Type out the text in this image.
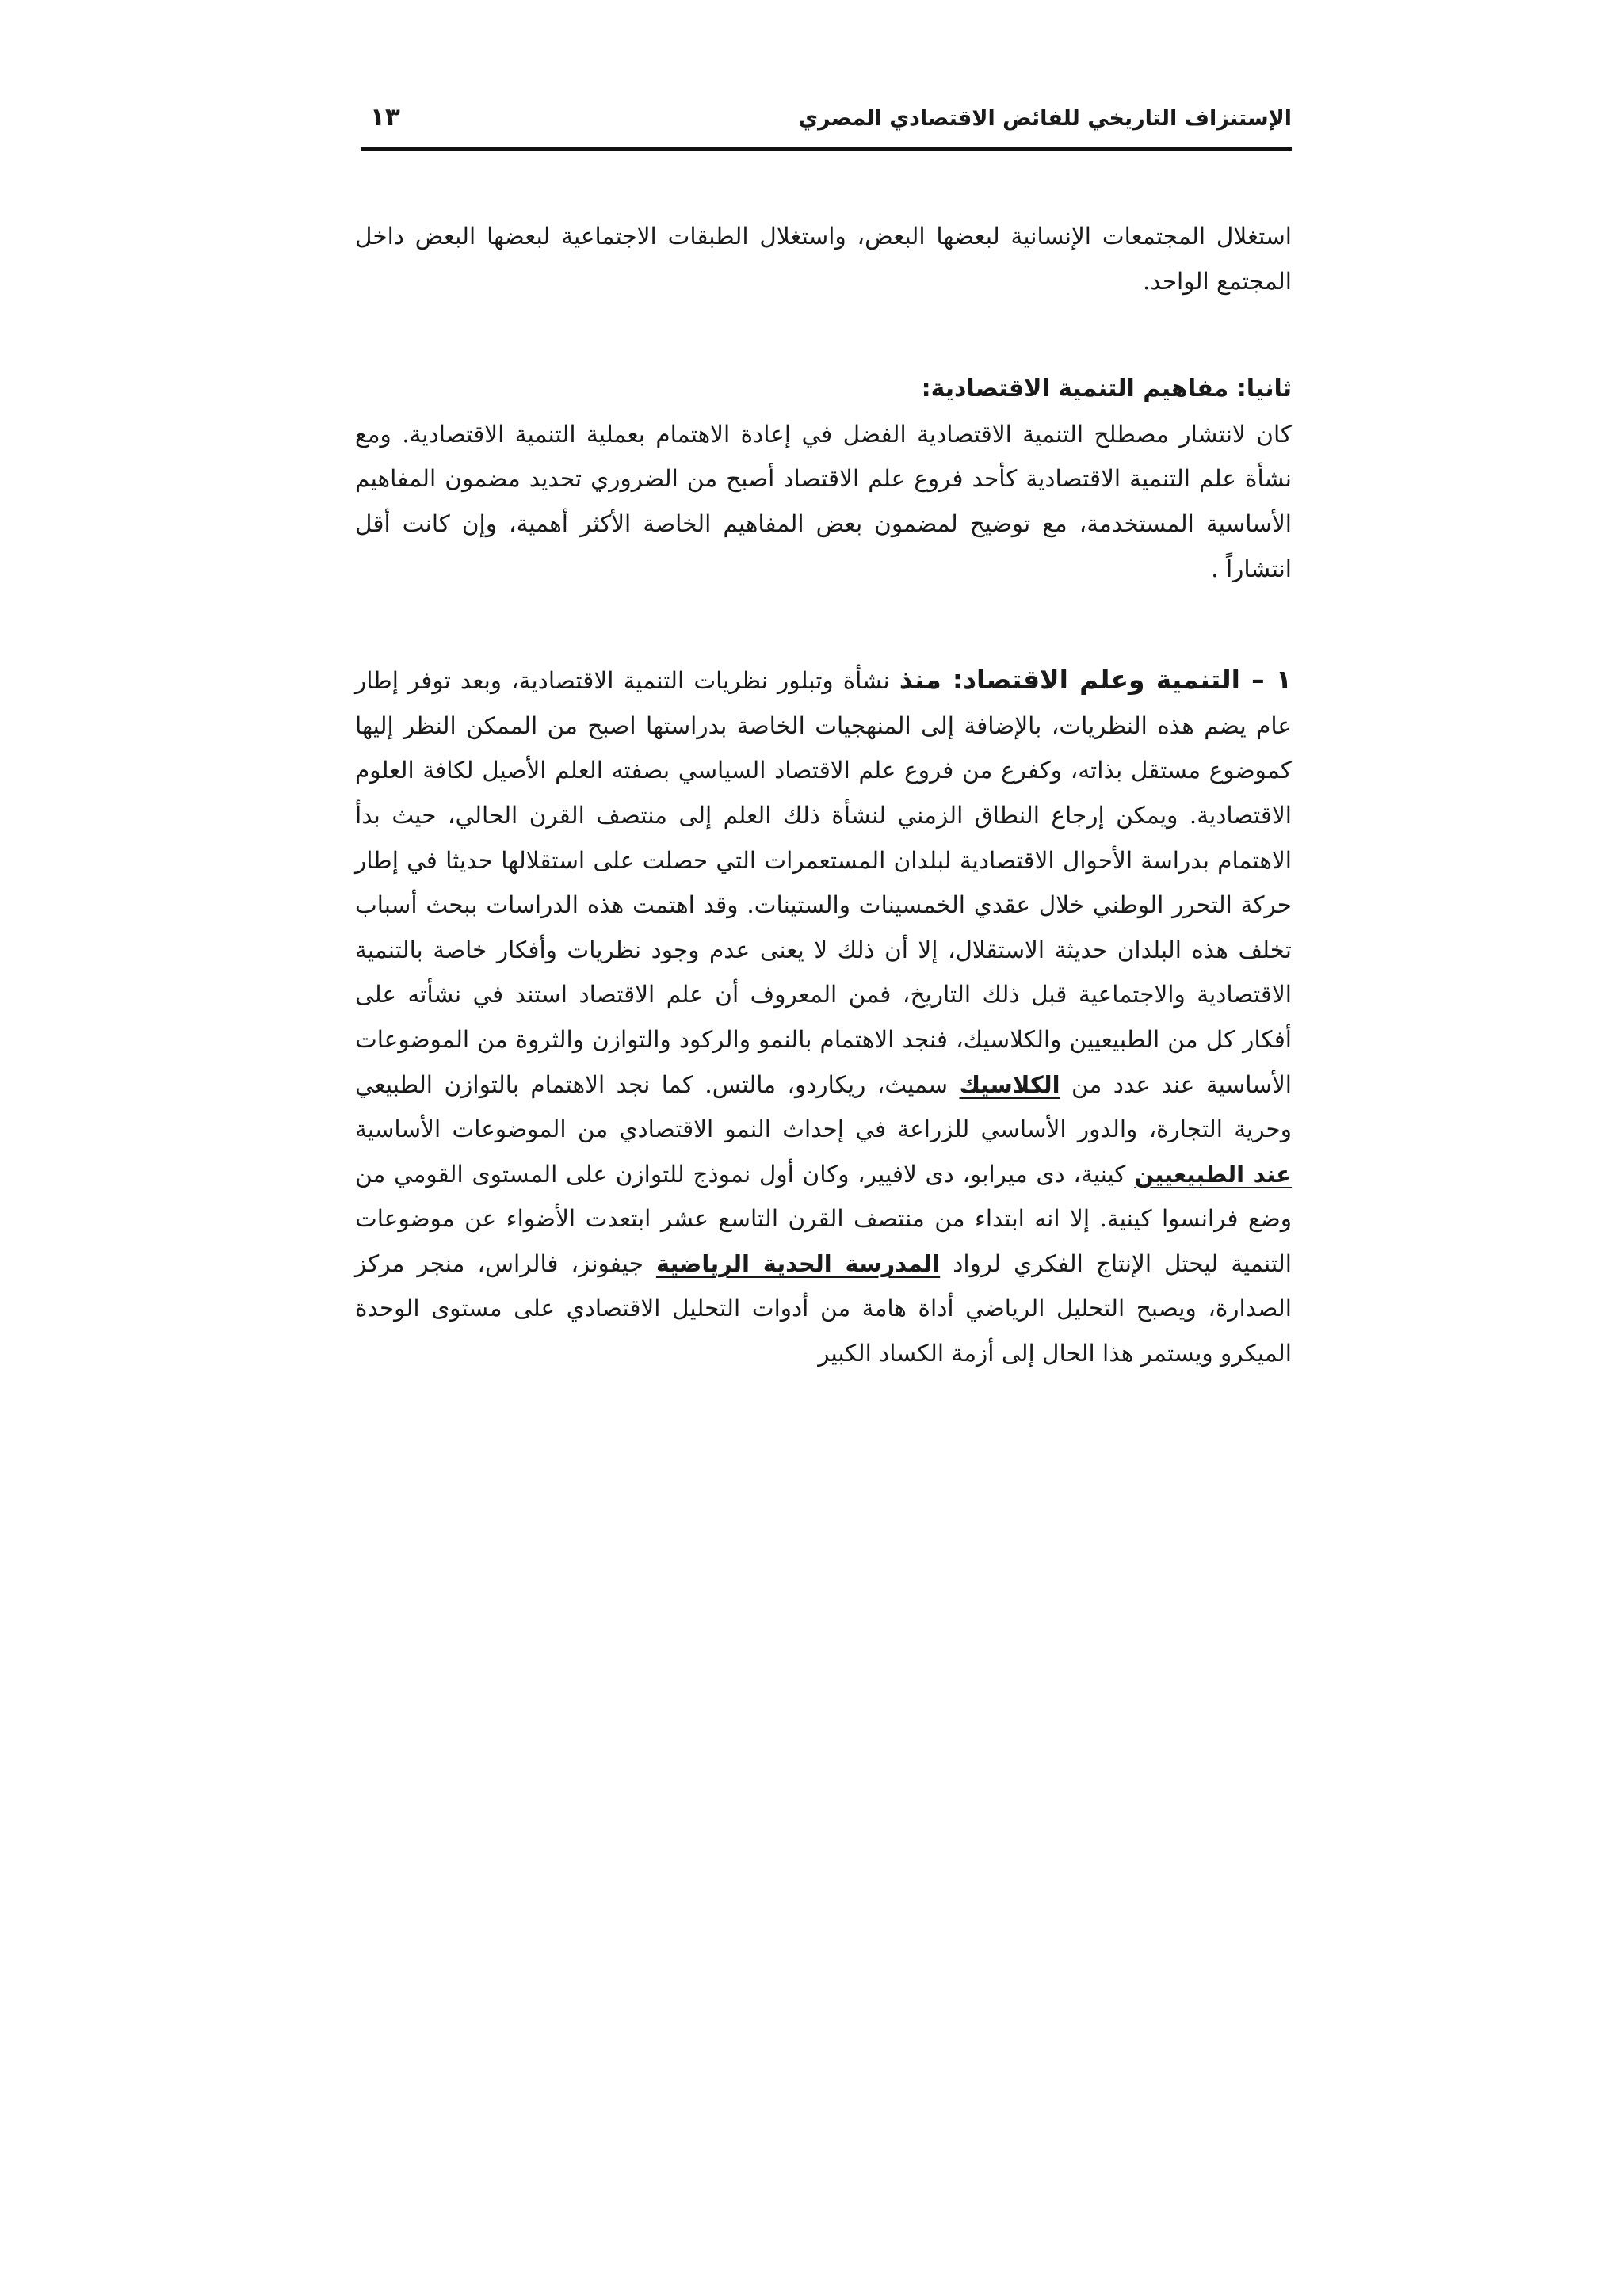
الإستنزاف التاريخي للفائض الاقتصادي المصري
١٣

استغلال المجتمعات الإنسانية لبعضها البعض، واستغلال الطبقات الاجتماعية لبعضها البعض داخل المجتمع الواحد.

ثانيا: مفاهيم التنمية الاقتصادية:

كان لانتشار مصطلح التنمية الاقتصادية الفضل في إعادة الاهتمام بعملية التنمية الاقتصادية. ومع نشأة علم التنمية الاقتصادية كأحد فروع علم الاقتصاد أصبح من الضروري تحديد مضمون المفاهيم الأساسية المستخدمة، مع توضيح لمضمون بعض المفاهيم الخاصة الأكثر أهمية، وإن كانت أقل انتشاراً .

١ – التنمية وعلم الاقتصاد: منذ نشأة وتبلور نظريات التنمية الاقتصادية، وبعد توفر إطار عام يضم هذه النظريات، بالإضافة إلى المنهجيات الخاصة بدراستها اصبح من الممكن النظر إليها كموضوع مستقل بذاته، وكفرع من فروع علم الاقتصاد السياسي بصفته العلم الأصيل لكافة العلوم الاقتصادية. ويمكن إرجاع النطاق الزمني لنشأة ذلك العلم إلى منتصف القرن الحالي، حيث بدأ الاهتمام بدراسة الأحوال الاقتصادية لبلدان المستعمرات التي حصلت على استقلالها حديثا في إطار حركة التحرر الوطني خلال عقدي الخمسينات والستينات. وقد اهتمت هذه الدراسات ببحث أسباب تخلف هذه البلدان حديثة الاستقلال، إلا أن ذلك لا يعنى عدم وجود نظريات وأفكار خاصة بالتنمية الاقتصادية والاجتماعية قبل ذلك التاريخ، فمن المعروف أن علم الاقتصاد استند في نشأته على أفكار كل من الطبيعيين والكلاسيك، فنجد الاهتمام بالنمو والركود والتوازن والثروة من الموضوعات الأساسية عند عدد من الكلاسيك سميث، ريكاردو، مالتس. كما نجد الاهتمام بالتوازن الطبيعي وحرية التجارة، والدور الأساسي للزراعة في إحداث النمو الاقتصادي من الموضوعات الأساسية عند الطبيعيين كينية، دى ميرابو، دى لافيير، وكان أول نموذج للتوازن على المستوى القومي من وضع فرانسوا كينية. إلا انه ابتداء من منتصف القرن التاسع عشر ابتعدت الأضواء عن موضوعات التنمية ليحتل الإنتاج الفكري لرواد المدرسة الحدية الرياضية جيفونز، فالراس، منجر مركز الصدارة، ويصبح التحليل الرياضي أداة هامة من أدوات التحليل الاقتصادي على مستوى الوحدة الميكرو ويستمر هذا الحال إلى أزمة الكساد الكبير
